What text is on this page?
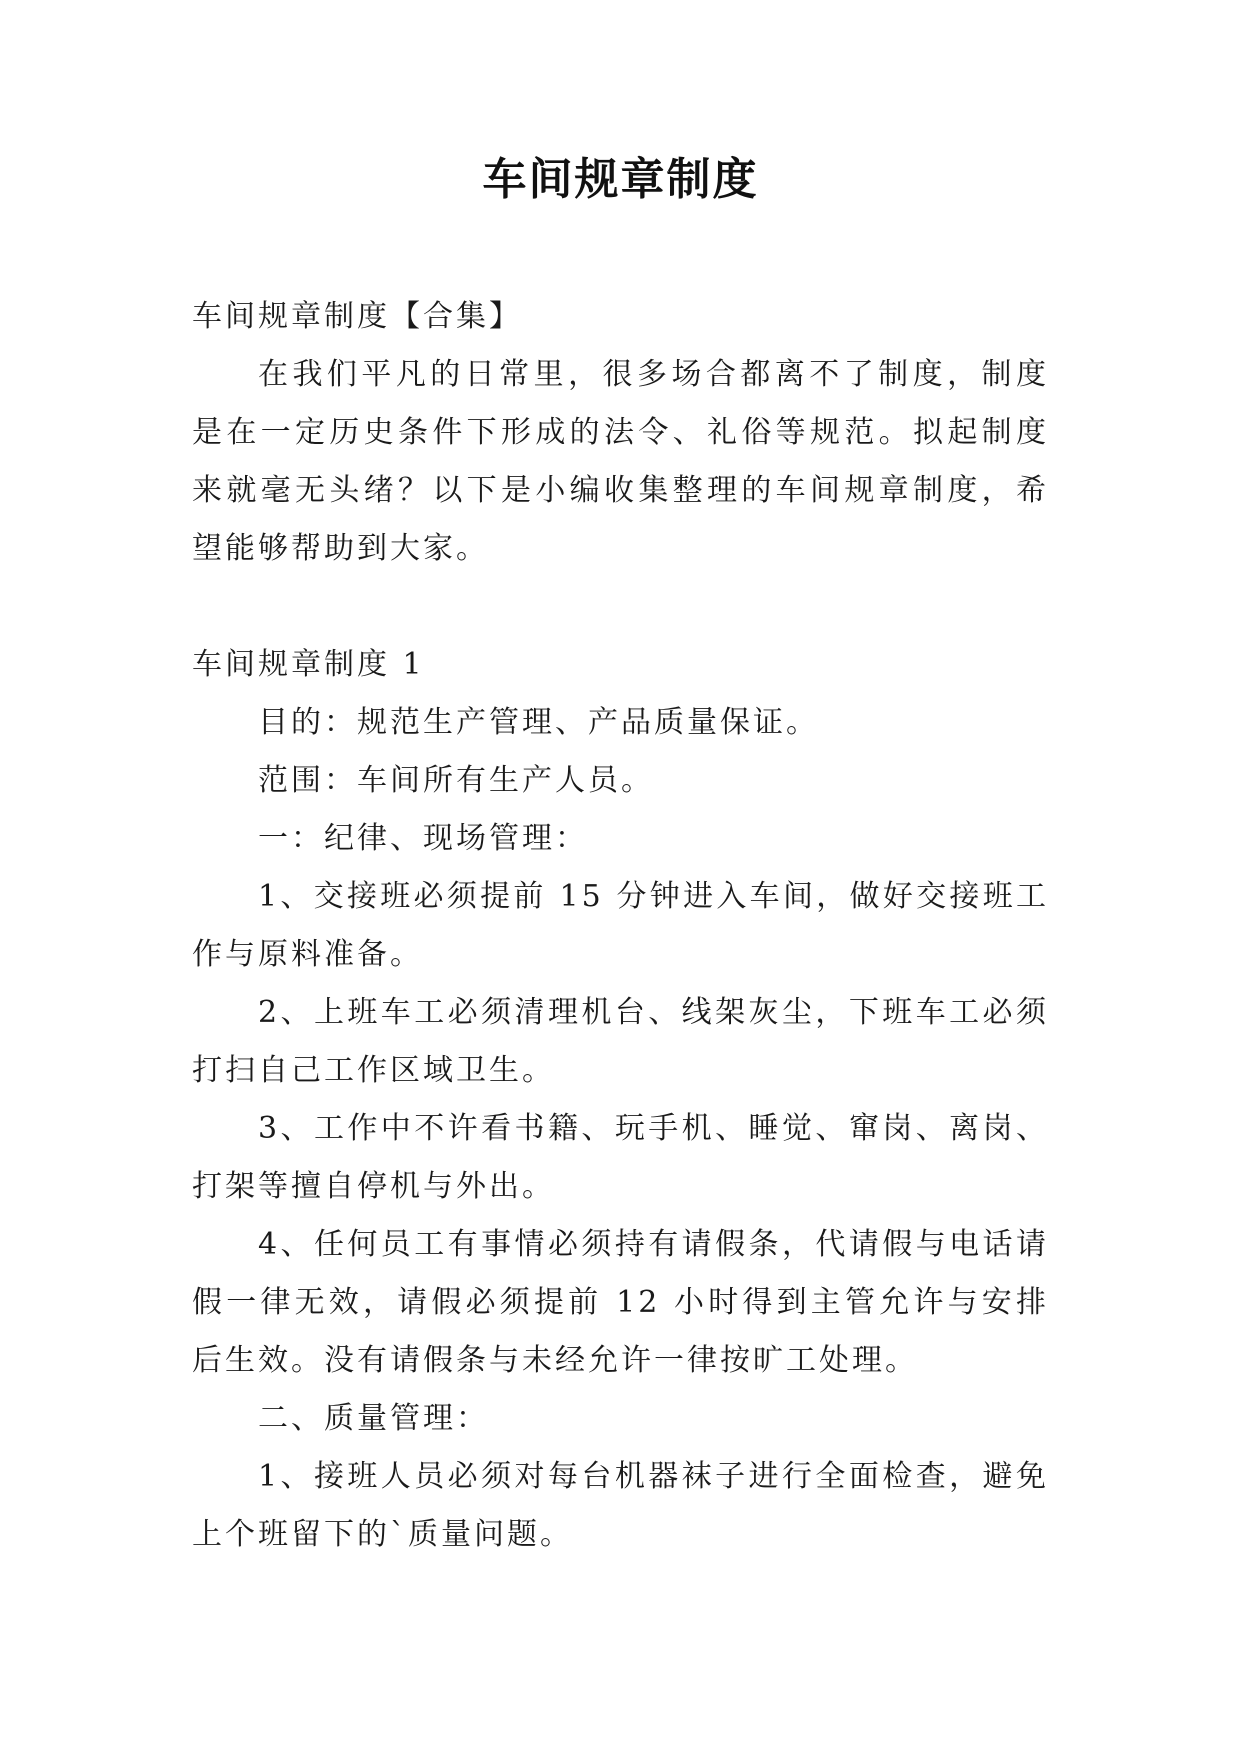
车间规章制度

车间规章制度【合集】

在我们平凡的日常里，很多场合都离不了制度，制度是在一定历史条件下形成的法令、礼俗等规范。拟起制度来就毫无头绪？以下是小编收集整理的车间规章制度，希望能够帮助到大家。

车间规章制度 1

目的：规范生产管理、产品质量保证。

范围：车间所有生产人员。

一：纪律、现场管理：

1、交接班必须提前 15 分钟进入车间，做好交接班工作与原料准备。

2、上班车工必须清理机台、线架灰尘，下班车工必须打扫自己工作区域卫生。

3、工作中不许看书籍、玩手机、睡觉、窜岗、离岗、打架等擅自停机与外出。

4、任何员工有事情必须持有请假条，代请假与电话请假一律无效，请假必须提前 12 小时得到主管允许与安排后生效。没有请假条与未经允许一律按旷工处理。

二、质量管理：

1、接班人员必须对每台机器袜子进行全面检查，避免上个班留下的`质量问题。
